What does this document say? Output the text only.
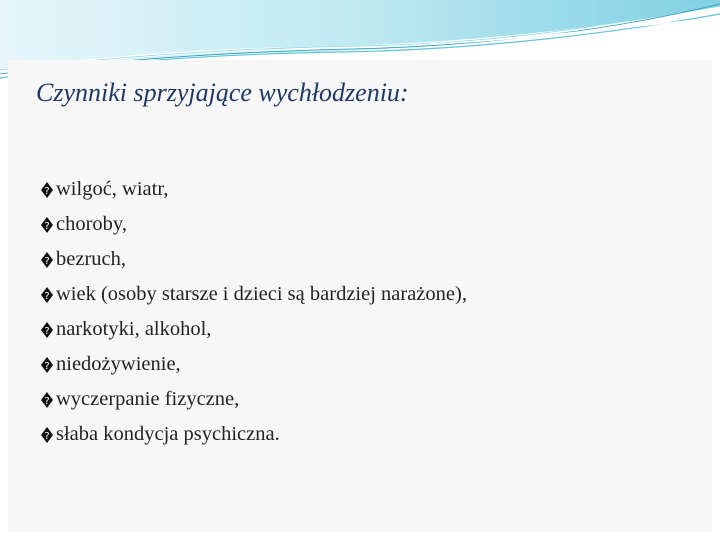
Czynniki sprzyjające wychłodzeniu:
? wilgoć, wiatr,
? choroby,
? bezruch,
? wiek (osoby starsze i dzieci są bardziej narażone),
? narkotyki, alkohol,
? niedożywienie,
? wyczerpanie fizyczne,
? słaba kondycja psychiczna.
